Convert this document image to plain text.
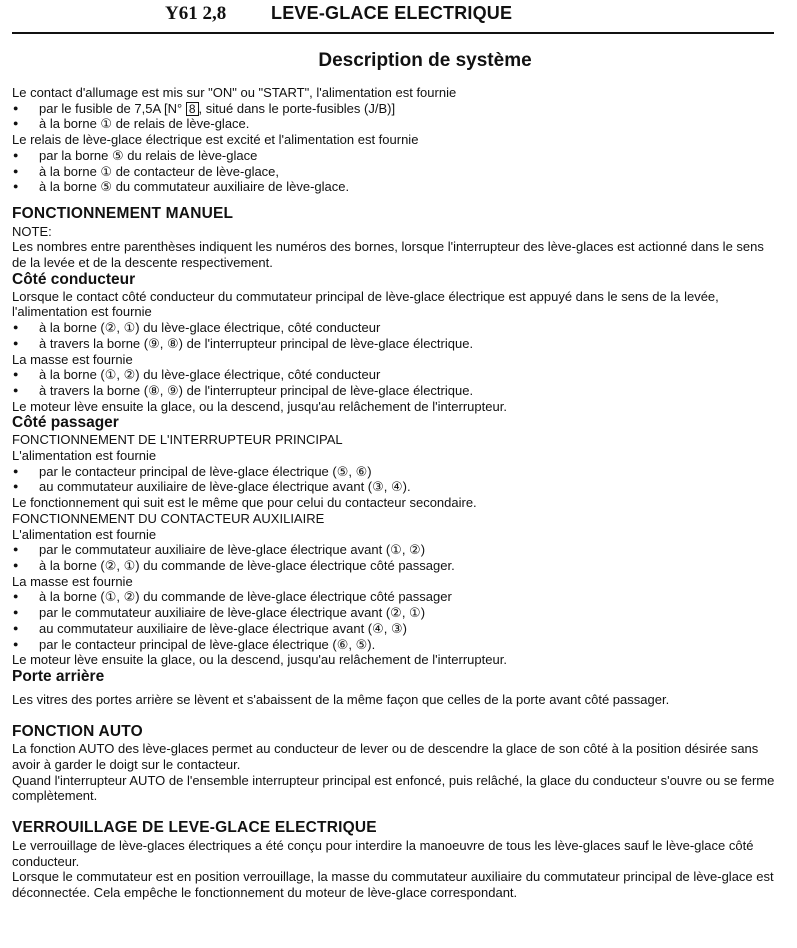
Y61 2,8 LEVE-GLACE ELECTRIQUE
Description de système
Le contact d'allumage est mis sur "ON" ou "START", l'alimentation est fournie
● par le fusible de 7,5A [N° 8 , situé dans le porte-fusibles (J/B)]
● à la borne ① de relais de lève-glace.
Le relais de lève-glace électrique est excité et l'alimentation est fournie
● par la borne ⑤ du relais de lève-glace
● à la borne ① de contacteur de lève-glace,
● à la borne ⑤ du commutateur auxiliaire de lève-glace.
FONCTIONNEMENT MANUEL
NOTE:
Les nombres entre parenthèses indiquent les numéros des bornes, lorsque l'interrupteur des lève-glaces est actionné dans le sens de la levée et de la descente respectivement.
Côté conducteur
Lorsque le contact côté conducteur du commutateur principal de lève-glace électrique est appuyé dans le sens de la levée, l'alimentation est fournie
● à la borne (②, ①) du lève-glace électrique, côté conducteur
● à travers la borne (⑨, ⑧) de l'interrupteur principal de lève-glace électrique.
La masse est fournie
● à la borne (①, ②) du lève-glace électrique, côté conducteur
● à travers la borne (⑧, ⑨) de l'interrupteur principal de lève-glace électrique.
Le moteur lève ensuite la glace, ou la descend, jusqu'au relâchement de l'interrupteur.
Côté passager
FONCTIONNEMENT DE L'INTERRUPTEUR PRINCIPAL
L'alimentation est fournie
● par le contacteur principal de lève-glace électrique (⑤, ⑥)
● au commutateur auxiliaire de lève-glace électrique avant (③, ④).
Le fonctionnement qui suit est le même que pour celui du contacteur secondaire.
FONCTIONNEMENT DU CONTACTEUR AUXILIAIRE
L'alimentation est fournie
● par le commutateur auxiliaire de lève-glace électrique avant (①, ②)
● à la borne (②, ①) du commande de lève-glace électrique côté passager.
La masse est fournie
● à la borne (①, ②) du commande de lève-glace électrique côté passager
● par le commutateur auxiliaire de lève-glace électrique avant (②, ①)
● au commutateur auxiliaire de lève-glace électrique avant (④, ③)
● par le contacteur principal de lève-glace électrique (⑥, ⑤).
Le moteur lève ensuite la glace, ou la descend, jusqu'au relâchement de l'interrupteur.
Porte arrière
Les vitres des portes arrière se lèvent et s'abaissent de la même façon que celles de la porte avant côté passager.
FONCTION AUTO
La fonction AUTO des lève-glaces permet au conducteur de lever ou de descendre la glace de son côté à la position désirée sans avoir à garder le doigt sur le contacteur.
Quand l'interrupteur AUTO de l'ensemble interrupteur principal est enfoncé, puis relâché, la glace du conducteur s'ouvre ou se ferme complètement.
VERROUILLAGE DE LEVE-GLACE ELECTRIQUE
Le verrouillage de lève-glaces électriques a été conçu pour interdire la manoeuvre de tous les lève-glaces sauf le lève-glace côté conducteur.
Lorsque le commutateur est en position verrouillage, la masse du commutateur auxiliaire du commutateur principal de lève-glace est déconnectée. Cela empêche le fonctionnement du moteur de lève-glace correspondant.
